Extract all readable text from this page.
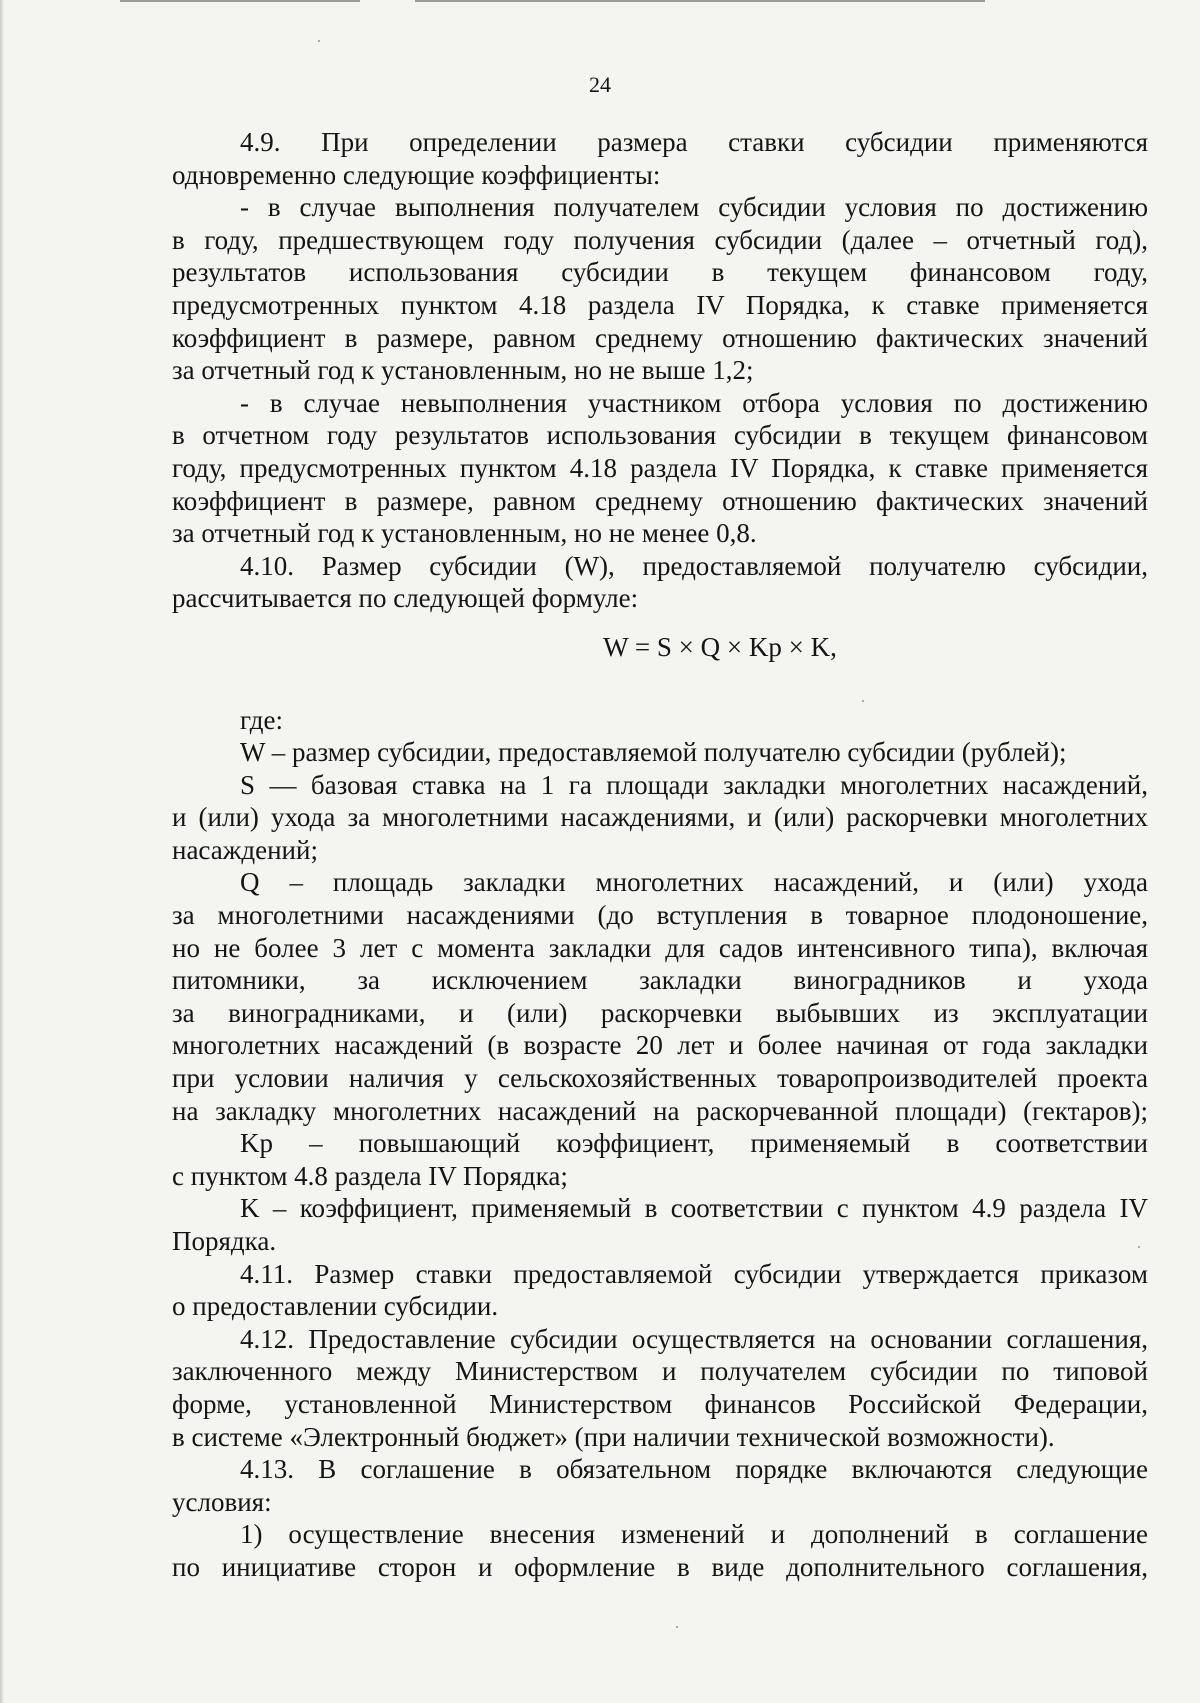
24
4.9. При определении размера ставки субсидии применяются
одновременно следующие коэффициенты:
- в случае выполнения получателем субсидии условия по достижению
в году, предшествующем году получения субсидии (далее – отчетный год),
результатов использования субсидии в текущем финансовом году,
предусмотренных пунктом 4.18 раздела IV Порядка, к ставке применяется
коэффициент в размере, равном среднему отношению фактических значений
за отчетный год к установленным, но не выше 1,2;
- в случае невыполнения участником отбора условия по достижению
в отчетном году результатов использования субсидии в текущем финансовом
году, предусмотренных пунктом 4.18 раздела IV Порядка, к ставке применяется
коэффициент в размере, равном среднему отношению фактических значений
за отчетный год к установленным, но не менее 0,8.
4.10. Размер субсидии (W), предоставляемой получателю субсидии,
рассчитывается по следующей формуле:
W = S × Q × Kp × K,
где:
W – размер субсидии, предоставляемой получателю субсидии (рублей);
S — базовая ставка на 1 га площади закладки многолетних насаждений,
и (или) ухода за многолетними насаждениями, и (или) раскорчевки многолетних
насаждений;
Q – площадь закладки многолетних насаждений, и (или) ухода
за многолетними насаждениями (до вступления в товарное плодоношение,
но не более 3 лет с момента закладки для садов интенсивного типа), включая
питомники, за исключением закладки виноградников и ухода
за виноградниками, и (или) раскорчевки выбывших из эксплуатации
многолетних насаждений (в возрасте 20 лет и более начиная от года закладки
при условии наличия у сельскохозяйственных товаропроизводителей проекта
на закладку многолетних насаждений на раскорчеванной площади) (гектаров);
Kp – повышающий коэффициент, применяемый в соответствии
с пунктом 4.8 раздела IV Порядка;
K – коэффициент, применяемый в соответствии с пунктом 4.9 раздела IV
Порядка.
4.11. Размер ставки предоставляемой субсидии утверждается приказом
о предоставлении субсидии.
4.12. Предоставление субсидии осуществляется на основании соглашения,
заключенного между Министерством и получателем субсидии по типовой
форме, установленной Министерством финансов Российской Федерации,
в системе «Электронный бюджет» (при наличии технической возможности).
4.13. В соглашение в обязательном порядке включаются следующие
условия:
1) осуществление внесения изменений и дополнений в соглашение
по инициативе сторон и оформление в виде дополнительного соглашения,
